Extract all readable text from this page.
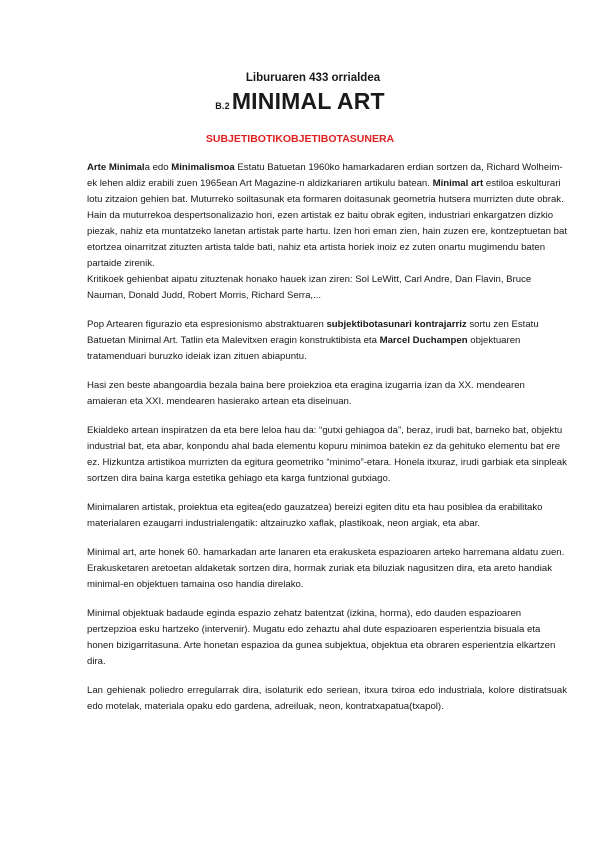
Liburuaren 433 orrialdea
B.2MINIMAL ART
SUBJETIBOTIKOBJETIBOTASUNERA

Arte Minimala edo Minimalismoa Estatu Batuetan 1960ko hamarkadaren erdian sortzen da, Richard Wolheim-ek lehen aldiz erabili zuen 1965ean Art Magazine-n aldizkariaren artikulu batean. Minimal art estiloa eskulturari lotu zitzaion gehien bat. Muturreko soiltasunak eta formaren doitasunak geometria hutsera murrizten dute obrak. Hain da muturrekoa despertsonalizazio hori, ezen artistak ez baitu obrak egiten, industriari enkargatzen dizkio piezak, nahiz eta muntatzeko lanetan artistak parte hartu. Izen hori eman zien, hain zuzen ere, kontzeptuetan bat etortzea oinarritzat zituzten artista talde bati, nahiz eta artista horiek inoiz ez zuten onartu mugimendu baten partaide zirenik.

Kritikoek gehienbat aipatu zituztenak honako hauek izan ziren: Sol LeWitt, Carl Andre, Dan Flavin, Bruce Nauman, Donald Judd, Robert Morris, Richard Serra,...

Pop Artearen figurazio eta espresionismo abstraktuaren subjektibotasunari kontrajarriz sortu zen Estatu Batuetan Minimal Art. Tatlin eta Malevitxen eragin konstruktibista eta Marcel Duchampen objektuaren tratamenduari buruzko ideiak izan zituen abiapuntu.

Hasi zen beste abangoardia bezala baina bere proiekzioa eta eragina izugarria izan da XX. mendearen amaieran eta XXI. mendearen hasierako artean eta diseinuan.

Ekialdeko artean inspiratzen da eta bere leloa hau da: “gutxi gehiagoa da”, beraz, irudi bat, barneko bat, objektu industrial bat, eta abar, konpondu ahal bada elementu kopuru minimoa batekin ez da gehituko elementu bat ere ez. Hizkuntza artistikoa murrizten da egitura geometriko “minimo”-etara. Honela itxuraz, irudi garbiak eta sinpleak sortzen dira baina karga estetika gehiago eta karga funtzional gutxiago.

Minimalaren artistak, proiektua eta egitea(edo gauzatzea) bereizi egiten ditu eta hau posiblea da erabilitako materialaren ezaugarri industrialengatik: altzairuzko xaflak, plastikoak, neon argiak, eta abar.

Minimal art, arte honek 60. hamarkadan arte lanaren eta erakusketa espazioaren arteko harremana aldatu zuen. Erakusketaren aretoetan aldaketak sortzen dira, hormak zuriak eta biluziak nagusitzen dira, eta areto handiak minimal-en objektuen tamaina oso handia direlako.

Minimal objektuak badaude eginda espazio zehatz batentzat (izkina, horma), edo dauden espazioaren pertzepzioa esku hartzeko (intervenir). Mugatu edo zehaztu ahal dute espazioaren esperientzia bisuala eta honen bizigarritasuna. Arte honetan espazioa da gunea subjektua, objektua eta obraren esperientzia elkartzen dira.

Lan gehienak poliedro erregularrak dira, isolaturik edo seriean, itxura txiroa edo industriala, kolore distiratsuak edo motelak, materiala opaku edo gardena, adreiluak, neon, kontratxapatua(txapol).
